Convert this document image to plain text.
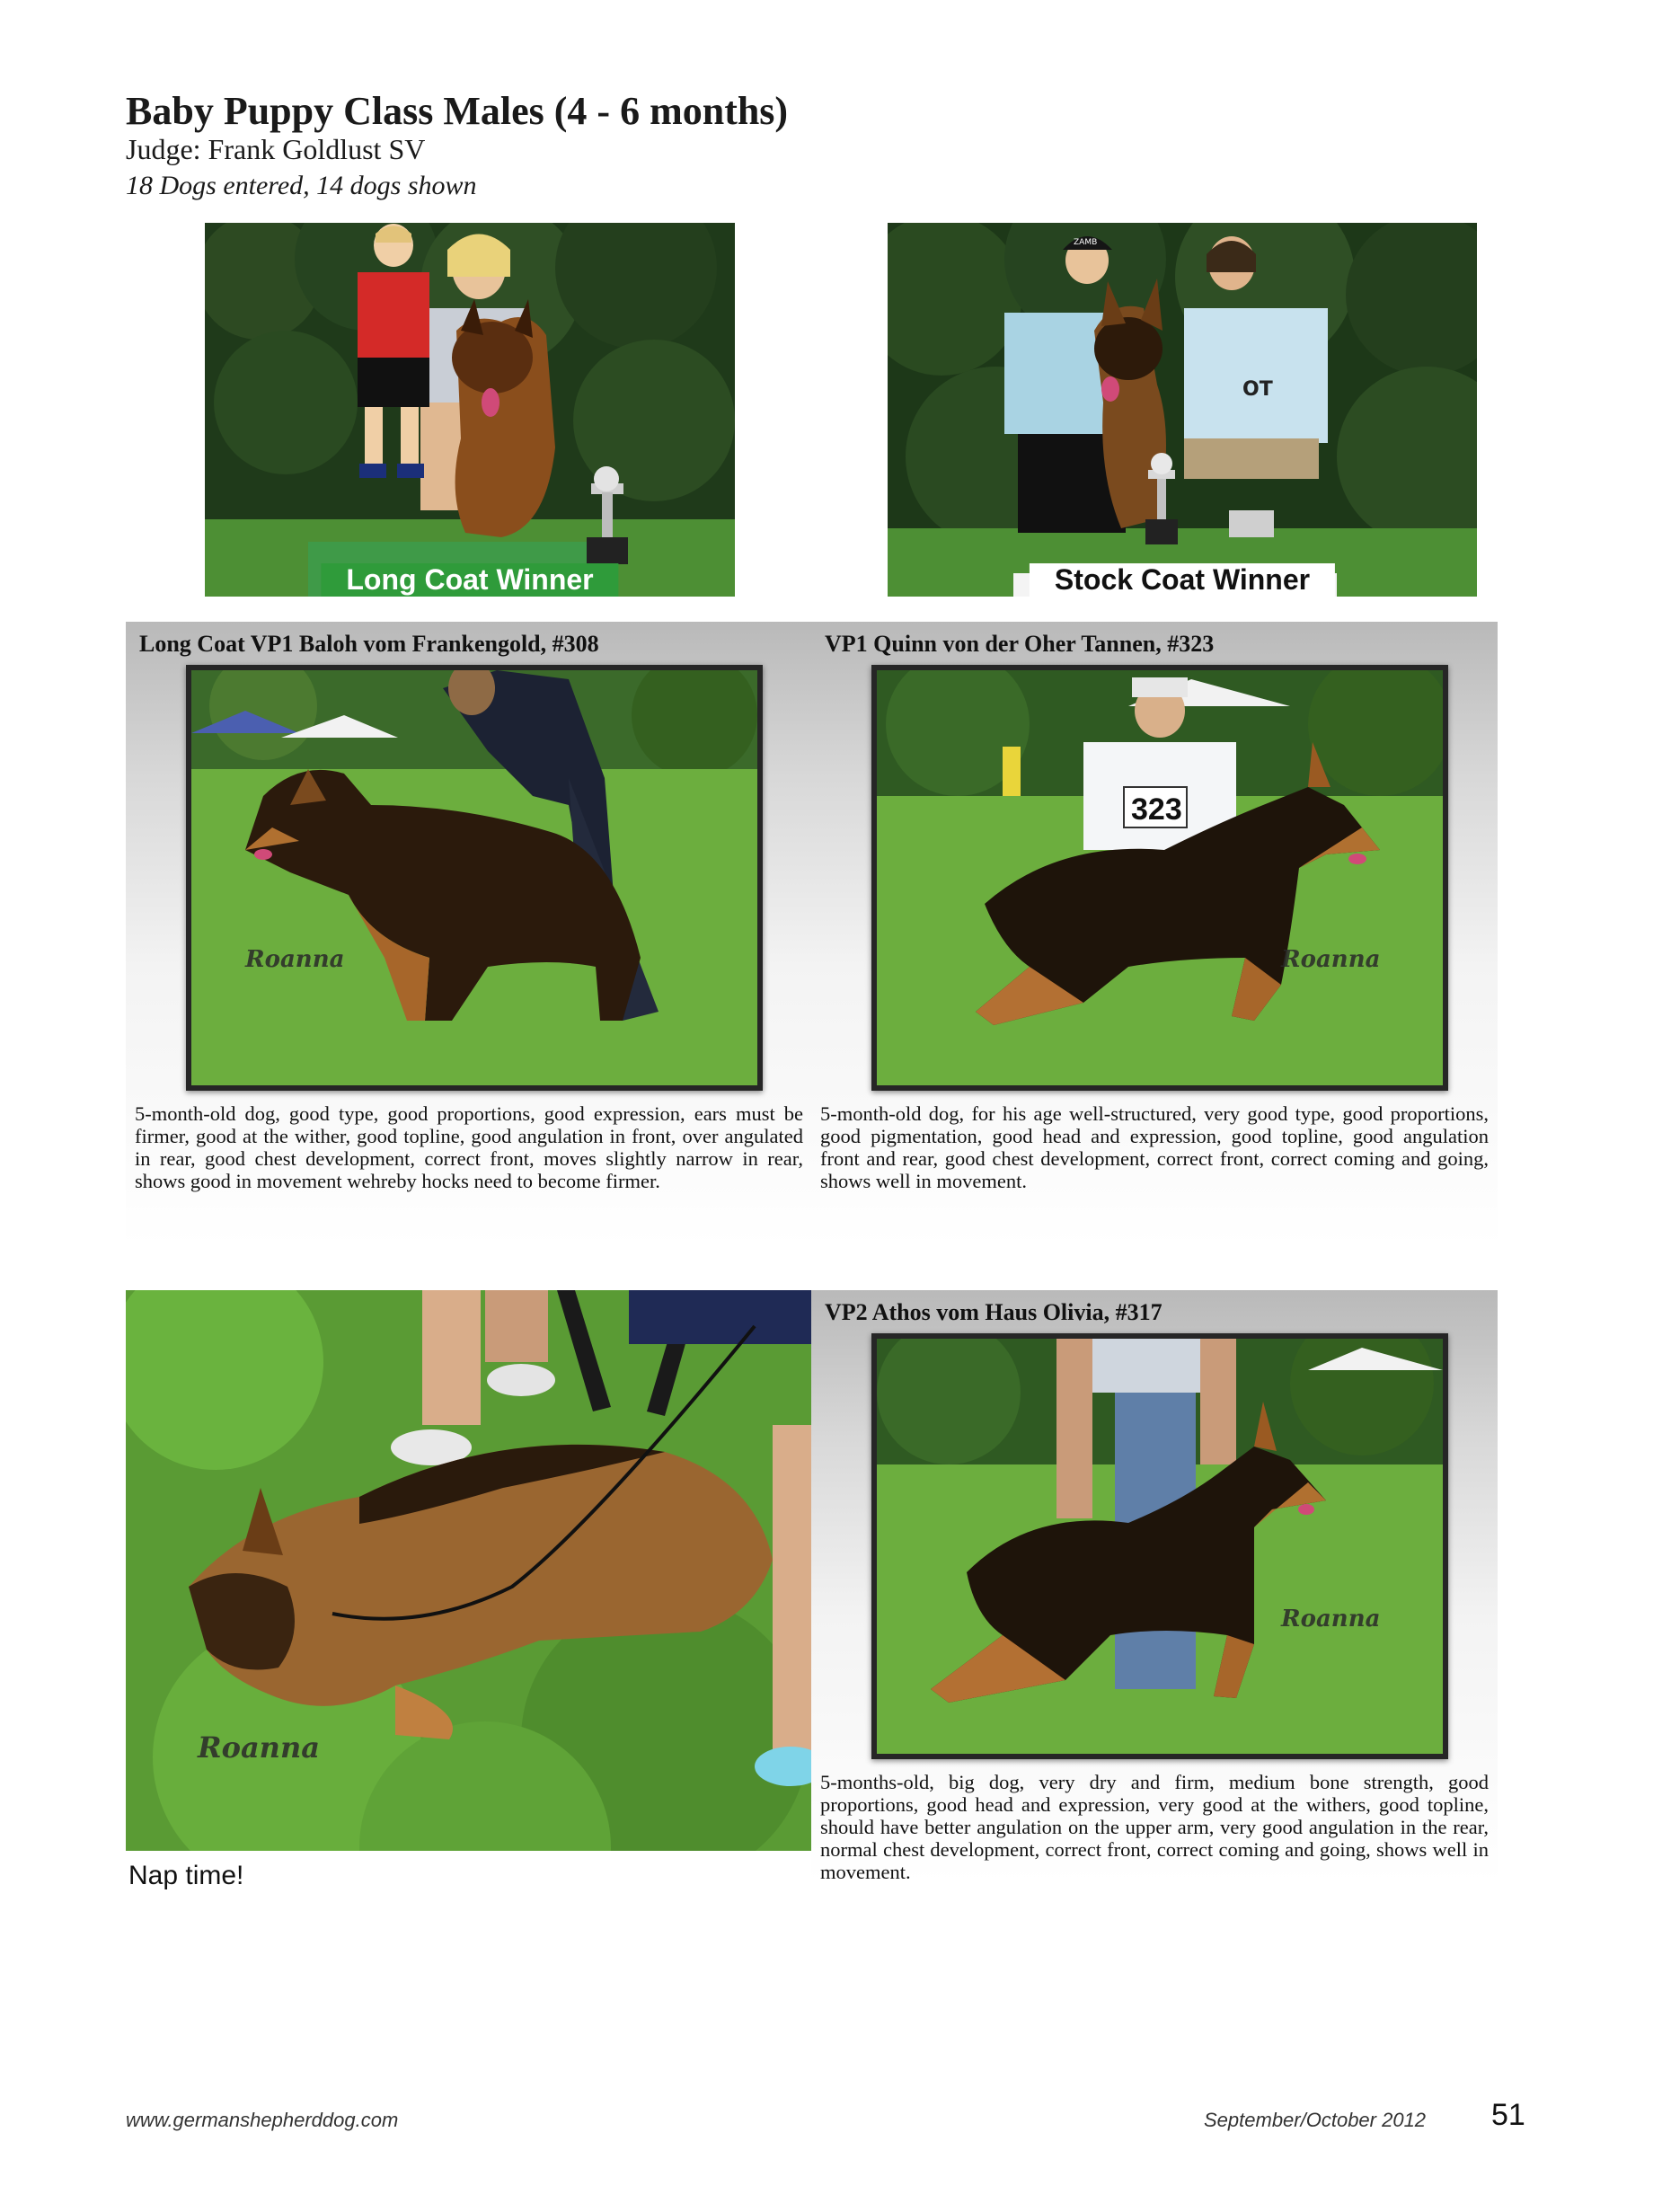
Baby Puppy Class Males (4 - 6 months)
Judge: Frank Goldlust SV
18 Dogs entered, 14 dogs shown
Long Coat Winner
ZAMB
OT
Stock Coat Winner
Long Coat VP1 Baloh vom Frankengold, #308
Roanna
5-month-old dog, good type, good proportions, good expression, ears must be firmer, good at the wither, good topline, good angulation in front, over angulated in rear, good chest development, correct front, moves slightly narrow in rear, shows good in movement wehreby hocks need to become firmer.
VP1 Quinn von der Oher Tannen, #323
323
Roanna
5-month-old dog, for his age well-structured, very good type, good proportions, good pigmentation, good head and expression, good topline, good angulation front and rear, good chest development, correct front, correct coming and going, shows well in movement.
Roanna
Nap time!
VP2 Athos vom Haus Olivia, #317
Roanna
5-months-old, big dog, very dry and firm, medium bone strength, good proportions, good head and expression, very good at the withers, good topline, should have better angulation on the upper arm, very good angulation in the rear, normal chest development, correct front, correct coming and going, shows well in movement.
www.germanshepherddog.com	September/October 2012 51
